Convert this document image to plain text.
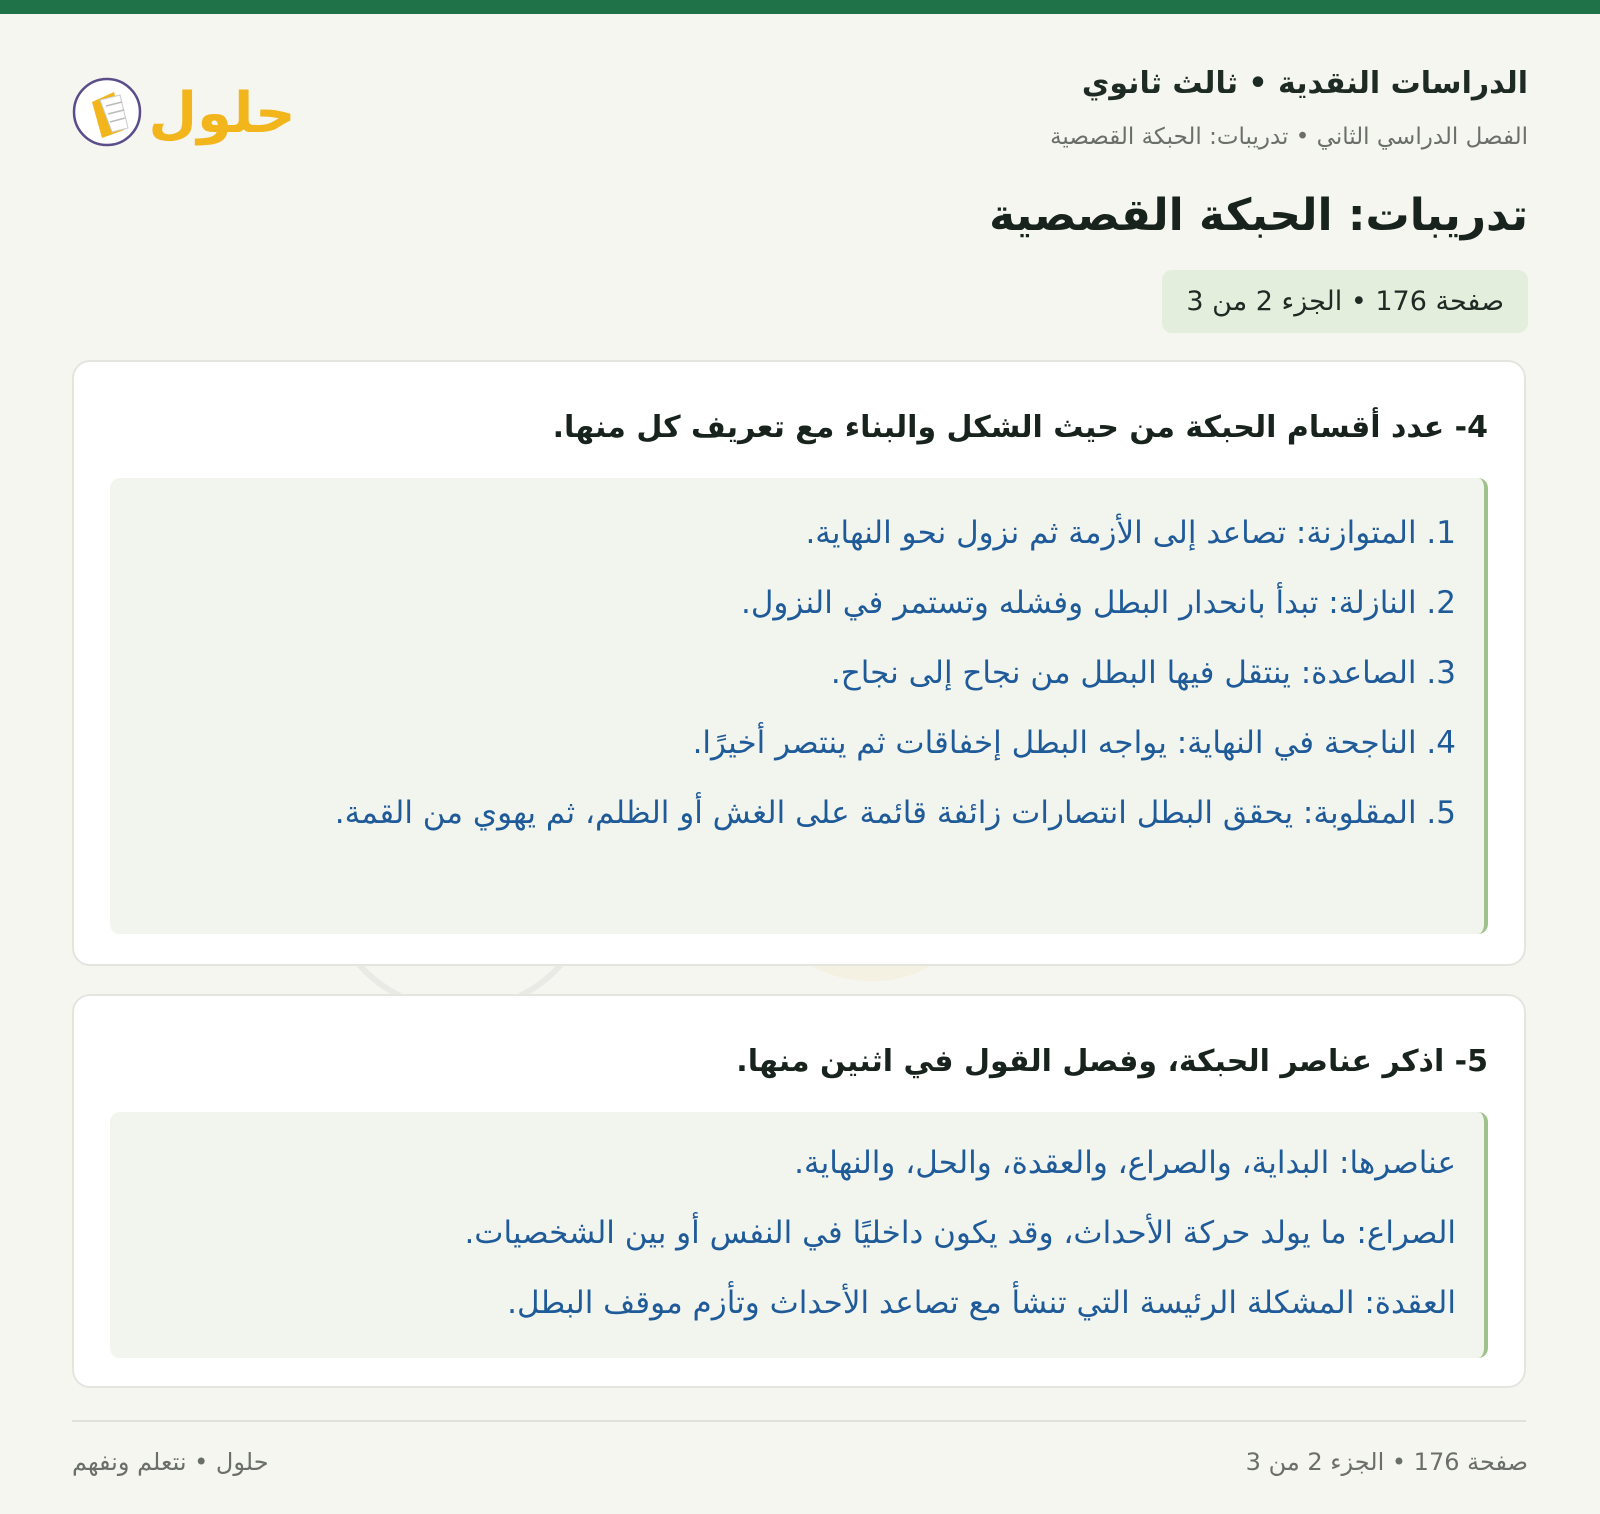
الدراسات النقدية • ثالث ثانوي
الفصل الدراسي الثاني • تدريبات: الحبكة القصصية
حلول
تدريبات: الحبكة القصصية
صفحة 176 • الجزء 2 من 3
4- عدد أقسام الحبكة من حيث الشكل والبناء مع تعريف كل منها.
1. المتوازنة: تصاعد إلى الأزمة ثم نزول نحو النهاية.
2. النازلة: تبدأ بانحدار البطل وفشله وتستمر في النزول.
3. الصاعدة: ينتقل فيها البطل من نجاح إلى نجاح.
4. الناجحة في النهاية: يواجه البطل إخفاقات ثم ينتصر أخيرًا.
5. المقلوبة: يحقق البطل انتصارات زائفة قائمة على الغش أو الظلم، ثم يهوي من القمة.
5- اذكر عناصر الحبكة، وفصل القول في اثنين منها.
عناصرها: البداية، والصراع، والعقدة، والحل، والنهاية.
الصراع: ما يولد حركة الأحداث، وقد يكون داخليًا في النفس أو بين الشخصيات.
العقدة: المشكلة الرئيسة التي تنشأ مع تصاعد الأحداث وتأزم موقف البطل.
صفحة 176 • الجزء 2 من 3
حلول • نتعلم ونفهم
